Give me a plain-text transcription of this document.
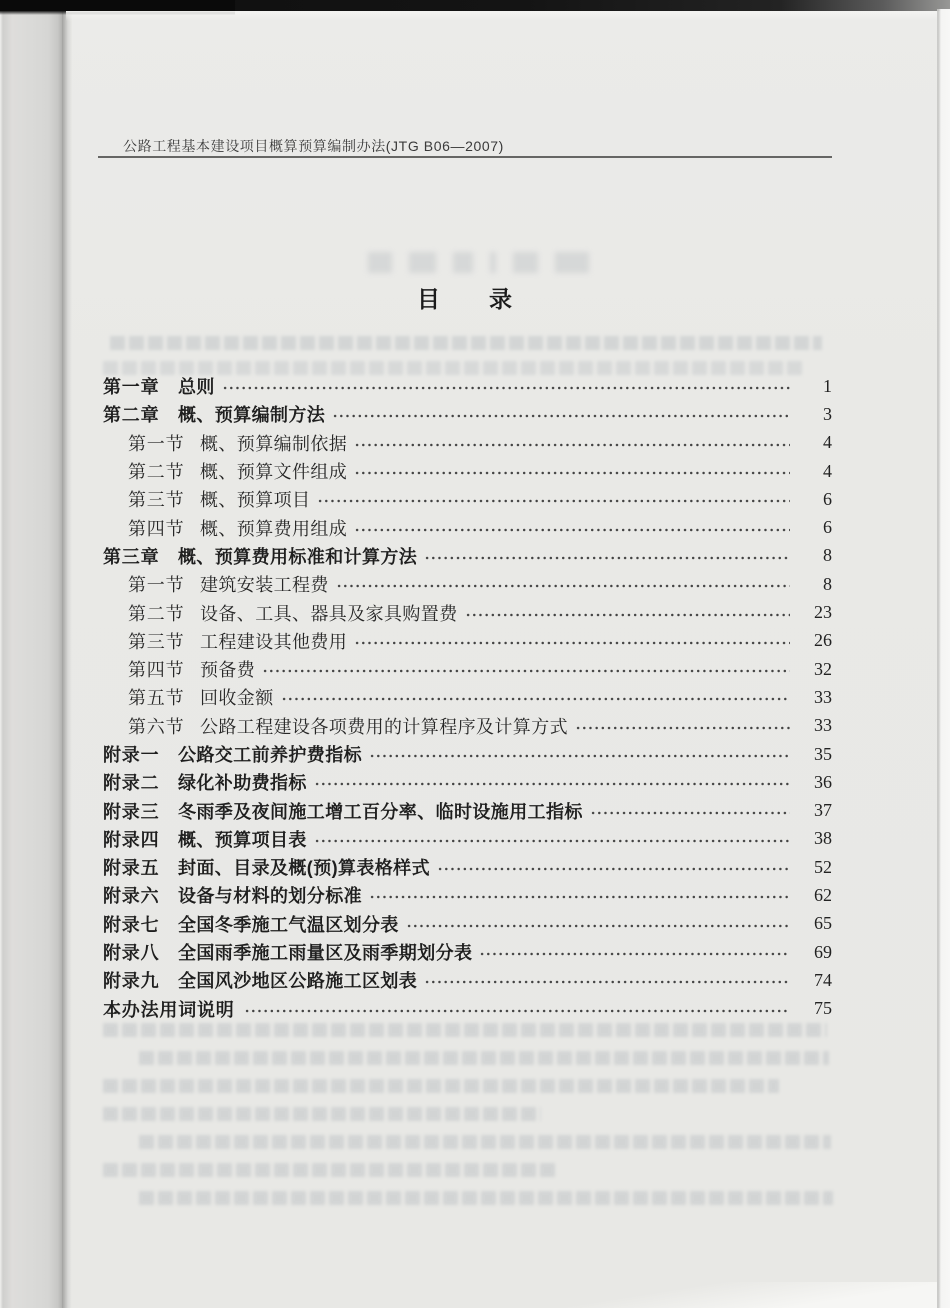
公路工程基本建设项目概算预算编制办法(JTG B06—2007)
目　　录
第一章	总则	1
第二章	概、预算编制方法	3
第一节 概、预算编制依据	4
第二节 概、预算文件组成	4
第三节 概、预算项目	6
第四节 概、预算费用组成	6
第三章	概、预算费用标准和计算方法	8
第一节 建筑安装工程费	8
第二节 设备、工具、器具及家具购置费	23
第三节 工程建设其他费用	26
第四节 预备费	32
第五节 回收金额	33
第六节 公路工程建设各项费用的计算程序及计算方式	33
附录一	公路交工前养护费指标	35
附录二	绿化补助费指标	36
附录三	冬雨季及夜间施工增工百分率、临时设施用工指标	37
附录四	概、预算项目表	38
附录五	封面、目录及概(预)算表格样式	52
附录六	设备与材料的划分标准	62
附录七	全国冬季施工气温区划分表	65
附录八	全国雨季施工雨量区及雨季期划分表	69
附录九	全国风沙地区公路施工区划表	74
本办法用词说明	75
